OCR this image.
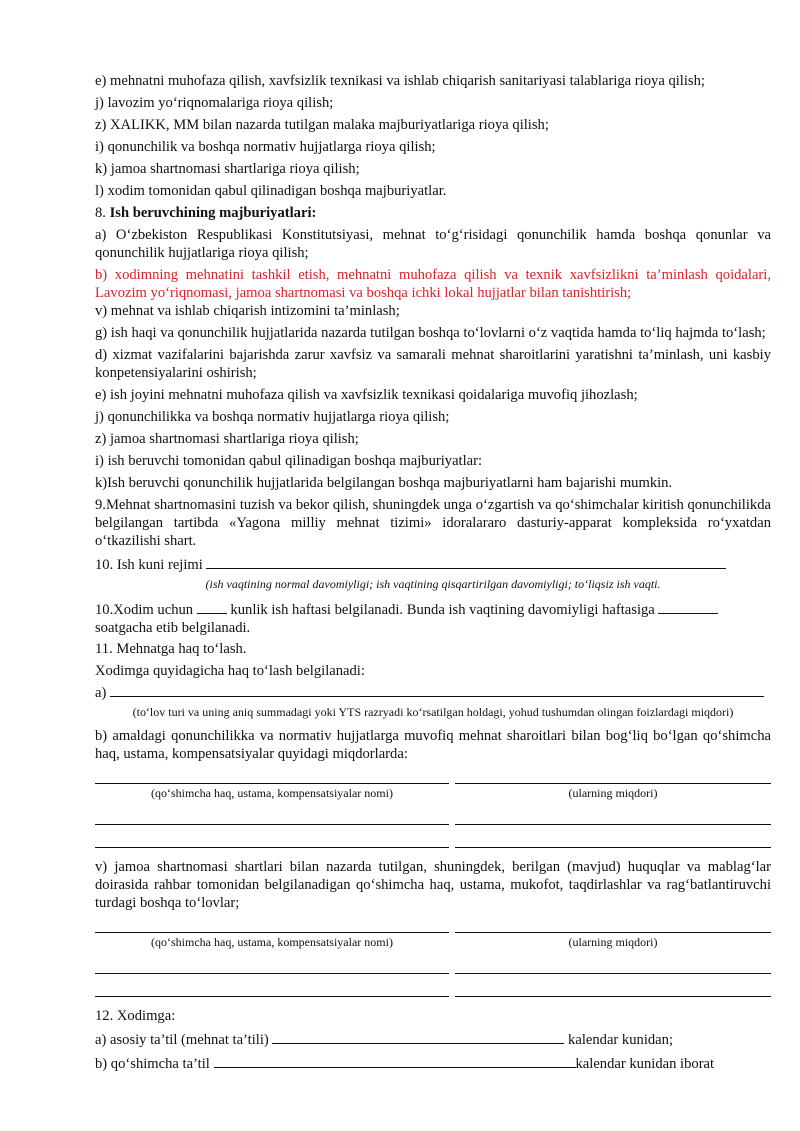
e) mehnatni muhofaza qilish, xavfsizlik texnikasi va ishlab chiqarish sanitariyasi talablariga rioya qilish;

j) lavozim yo‘riqnomalariga rioya qilish;

z) XALIKK, MM bilan nazarda tutilgan malaka majburiyatlariga rioya qilish;

i) qonunchilik va boshqa normativ hujjatlarga rioya qilish;

k) jamoa shartnomasi shartlariga rioya qilish;

l) xodim tomonidan qabul qilinadigan boshqa majburiyatlar.

8. Ish beruvchining majburiyatlari:

a) O‘zbekiston Respublikasi Konstitutsiyasi, mehnat to‘g‘risidagi qonunchilik hamda boshqa qonunlar va qonunchilik hujjatlariga rioya qilish;

b) xodimning mehnatini tashkil etish, mehnatni muhofaza qilish va texnik xavfsizlikni ta’minlash qoidalari, Lavozim yo‘riqnomasi, jamoa shartnomasi va boshqa ichki lokal hujjatlar bilan tanishtirish;

v) mehnat va ishlab chiqarish intizomini ta’minlash;

g) ish haqi va qonunchilik hujjatlarida nazarda tutilgan boshqa to‘lovlarni o‘z vaqtida hamda to‘liq hajmda to‘lash;

d) xizmat vazifalarini bajarishda zarur xavfsiz va samarali mehnat sharoitlarini yaratishni ta’minlash, uni kasbiy konpetensiyalarini oshirish;

e) ish joyini mehnatni muhofaza qilish va xavfsizlik texnikasi qoidalariga muvofiq jihozlash;

j) qonunchilikka va boshqa normativ hujjatlarga rioya qilish;

z) jamoa shartnomasi shartlariga rioya qilish;

i) ish beruvchi tomonidan qabul qilinadigan boshqa majburiyatlar:

k)Ish beruvchi qonunchilik hujjatlarida belgilangan boshqa majburiyatlarni ham bajarishi mumkin.

9.Mehnat shartnomasini tuzish va bekor qilish, shuningdek unga o‘zgartish va qo‘shimchalar kiritish qonunchilikda belgilangan tartibda «Yagona milliy mehnat tizimi» idoralararo dasturiy-apparat kompleksida ro‘yxatdan o‘tkazilishi shart.

10. Ish kuni rejimi

(ish vaqtining normal davomiyligi; ish vaqtining qisqartirilgan davomiyligi; to‘liqsiz ish vaqti.

10.Xodim uchun	kunlik ish haftasi belgilanadi. Bunda ish vaqtining davomiyligi haftasiga
soatgacha etib belgilanadi.

11. Mehnatga haq to‘lash.

Xodimga quyidagicha haq to‘lash belgilanadi:

a)

(to‘lov turi va uning aniq summadagi yoki YTS razryadi ko‘rsatilgan holdagi, yohud tushumdan olingan foizlardagi miqdori)

b) amaldagi qonunchilikka va normativ hujjatlarga muvofiq mehnat sharoitlari bilan bog‘liq bo‘lgan qo‘shimcha haq, ustama, kompensatsiyalar quyidagi miqdorlarda:

(qo‘shimcha haq, ustama, kompensatsiyalar nomi)	(ularning miqdori)

v) jamoa shartnomasi shartlari bilan nazarda tutilgan, shuningdek, berilgan (mavjud) huquqlar va mablag‘lar doirasida rahbar tomonidan belgilanadigan qo‘shimcha haq, ustama, mukofot, taqdirlashlar va rag‘batlantiruvchi turdagi boshqa to‘lovlar;

(qo‘shimcha haq, ustama, kompensatsiyalar nomi)	(ularning miqdori)

12. Xodimga:

a) asosiy ta’til (mehnat ta’tili)	kalendar kunidan;

b) qo‘shimcha ta’til	kalendar kunidan iborat
